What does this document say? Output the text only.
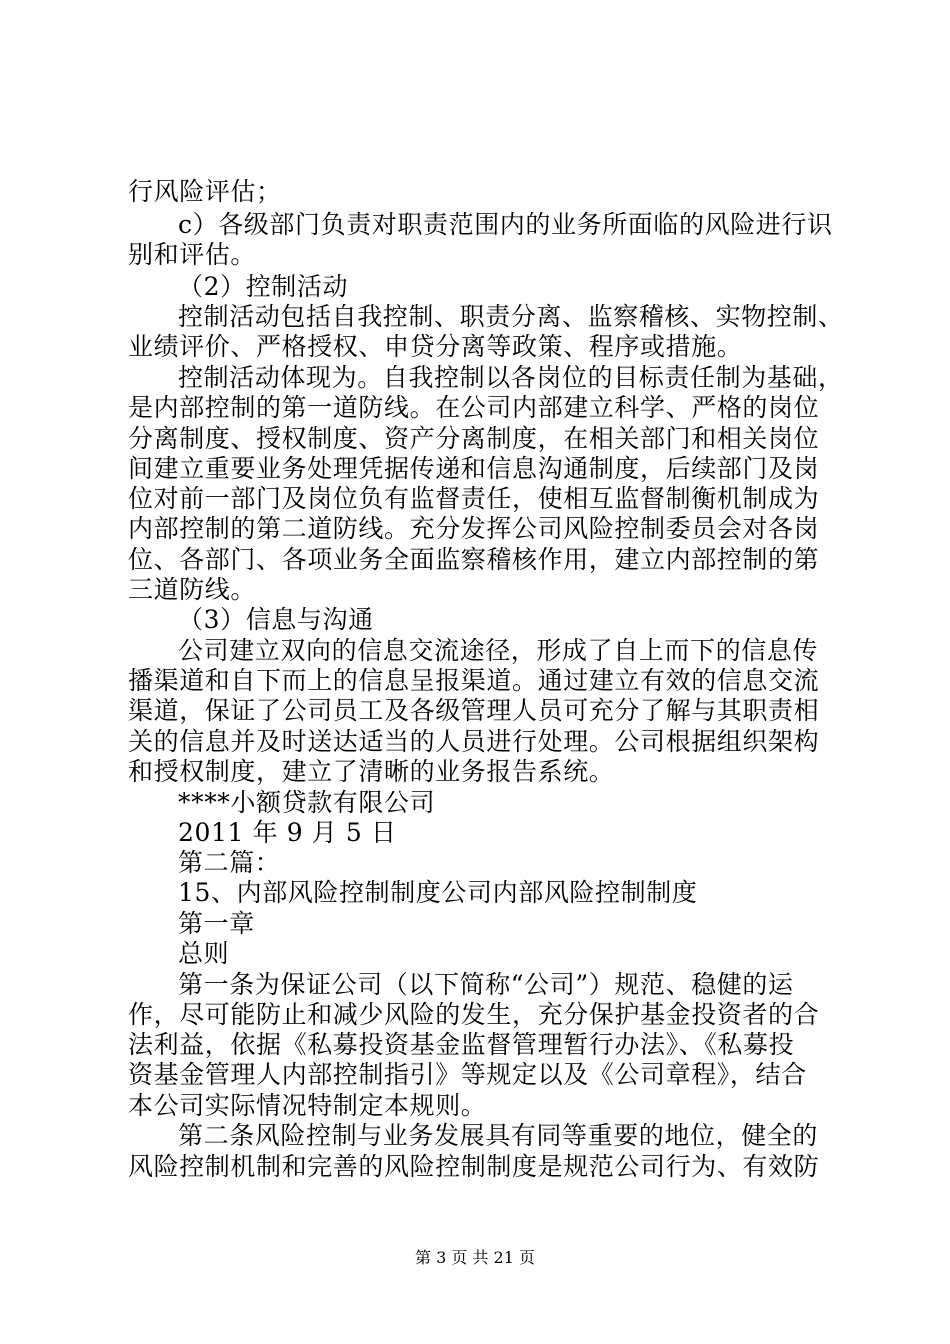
行风险评估；
c）各级部门负责对职责范围内的业务所面临的风险进行识
别和评估。
（2）控制活动
控制活动包括自我控制、职责分离、监察稽核、实物控制、
业绩评价、严格授权、申贷分离等政策、程序或措施。
控制活动体现为。自我控制以各岗位的目标责任制为基础，
是内部控制的第一道防线。在公司内部建立科学、严格的岗位
分离制度、授权制度、资产分离制度，在相关部门和相关岗位
间建立重要业务处理凭据传递和信息沟通制度，后续部门及岗
位对前一部门及岗位负有监督责任，使相互监督制衡机制成为
内部控制的第二道防线。充分发挥公司风险控制委员会对各岗
位、各部门、各项业务全面监察稽核作用，建立内部控制的第
三道防线。
（3）信息与沟通
公司建立双向的信息交流途径，形成了自上而下的信息传
播渠道和自下而上的信息呈报渠道。通过建立有效的信息交流
渠道，保证了公司员工及各级管理人员可充分了解与其职责相
关的信息并及时送达适当的人员进行处理。公司根据组织架构
和授权制度，建立了清晰的业务报告系统。
****小额贷款有限公司
2011 年 9 月 5 日
第二篇：
15、内部风险控制制度公司内部风险控制制度
第一章
总则
第一条为保证公司（以下简称“公司”）规范、稳健的运
作，尽可能防止和减少风险的发生，充分保护基金投资者的合
法利益，依据《私募投资基金监督管理暂行办法》、《私募投
资基金管理人内部控制指引》等规定以及《公司章程》，结合
本公司实际情况特制定本规则。
第二条风险控制与业务发展具有同等重要的地位，健全的
风险控制机制和完善的风险控制制度是规范公司行为、有效防
第 3 页 共 21 页
